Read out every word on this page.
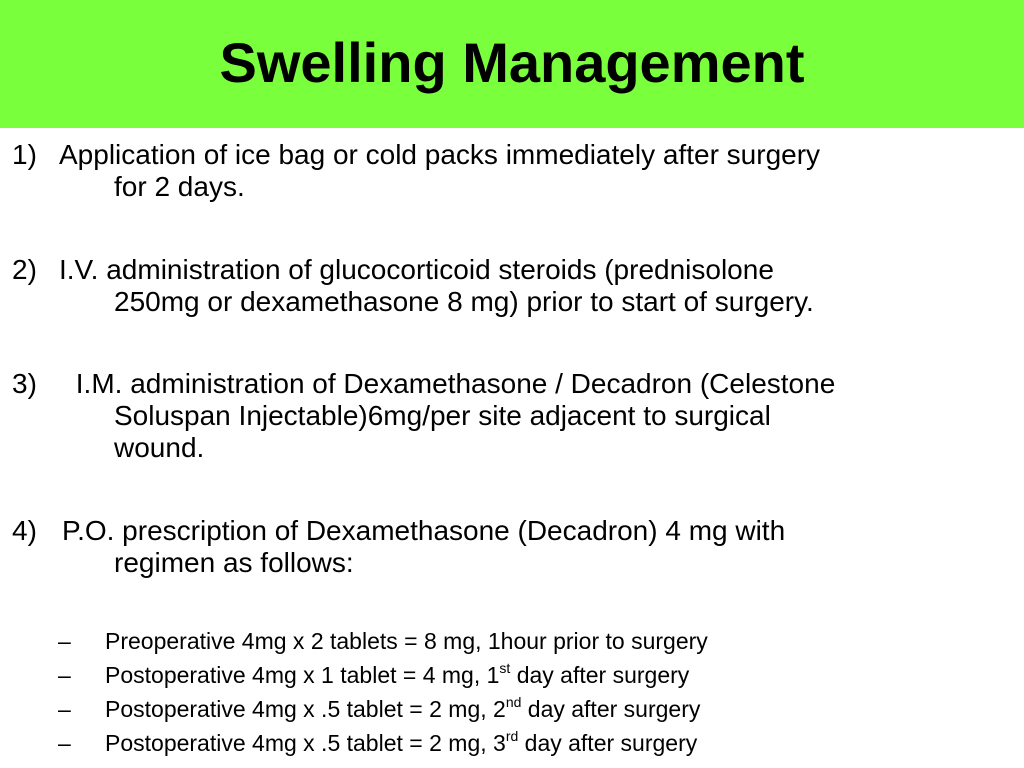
Swelling Management
1) Application of ice bag or cold packs immediately after surgery
for 2 days.
2) I.V. administration of glucocorticoid steroids (prednisolone
250mg or dexamethasone 8 mg) prior to start of surgery.
3) I.M. administration of Dexamethasone / Decadron (Celestone
Soluspan Injectable)6mg/per site adjacent to surgical
wound.
4) P.O. prescription of Dexamethasone (Decadron) 4 mg with
regimen as follows:
– Preoperative 4mg x 2 tablets = 8 mg, 1hour prior to surgery
– Postoperative 4mg x 1 tablet = 4 mg, 1st day after surgery
– Postoperative 4mg x .5 tablet = 2 mg, 2nd day after surgery
– Postoperative 4mg x .5 tablet = 2 mg, 3rd day after surgery
